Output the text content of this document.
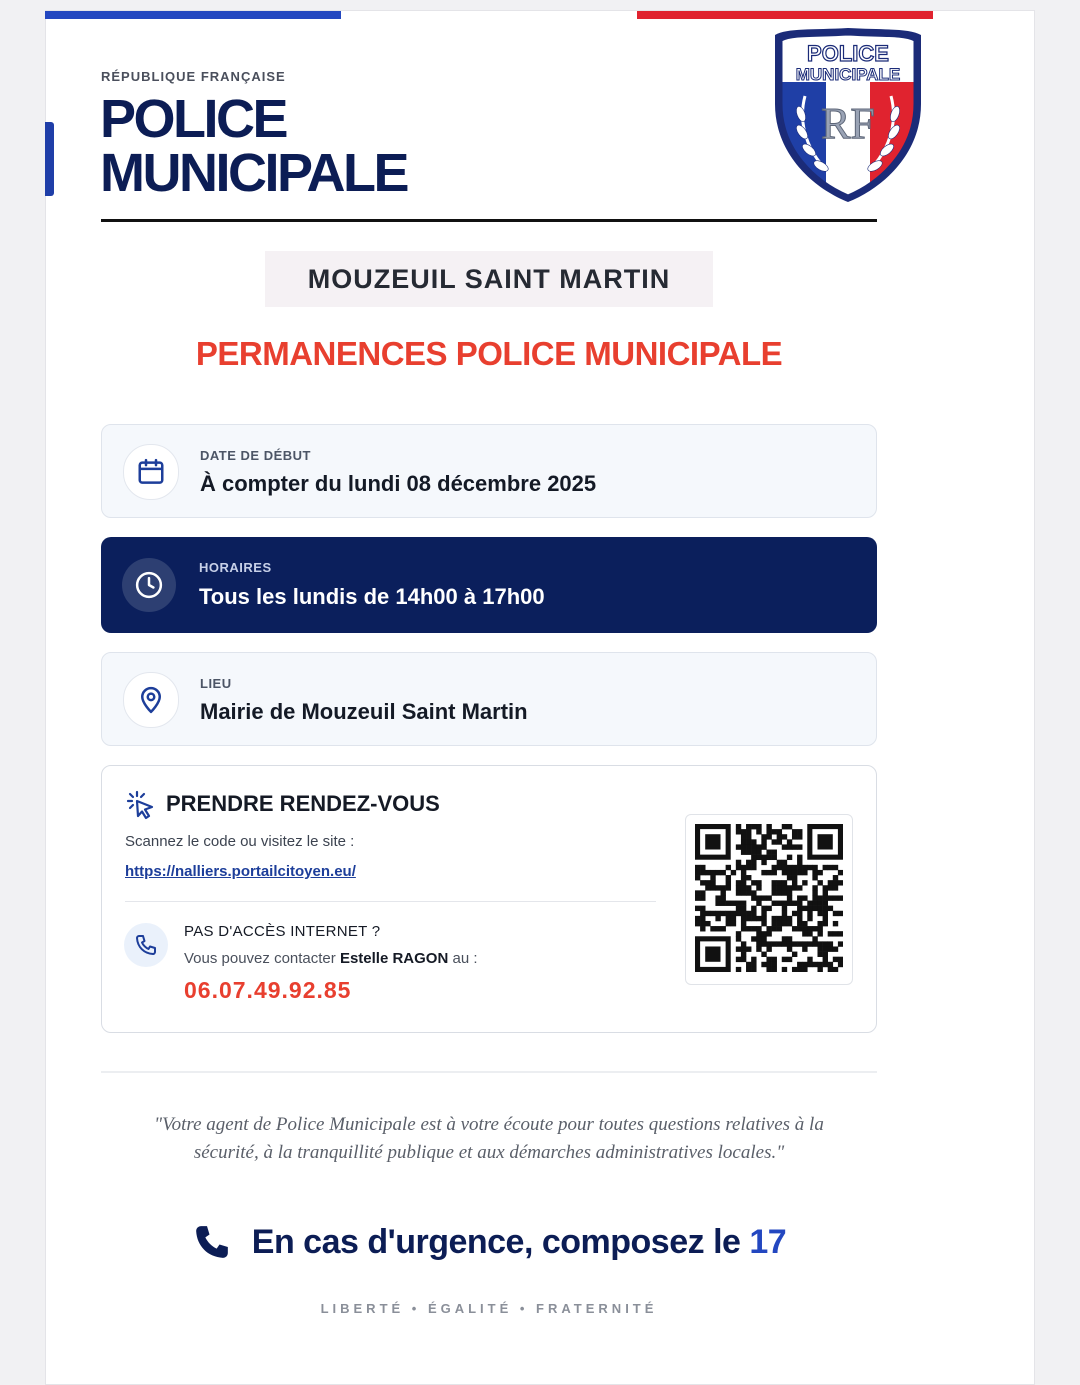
RÉPUBLIQUE FRANÇAISE
POLICE
MUNICIPALE
POLICE
MUNICIPALE
RF
MOUZEUIL SAINT MARTIN
PERMANENCES POLICE MUNICIPALE
DATE DE DÉBUT
À compter du lundi 08 décembre 2025
HORAIRES
Tous les lundis de 14h00 à 17h00
LIEU
Mairie de Mouzeuil Saint Martin
PRENDRE RENDEZ-VOUS
Scannez le code ou visitez le site :
https://nalliers.portailcitoyen.eu/
PAS D'ACCÈS INTERNET ?
Vous pouvez contacter Estelle RAGON au :
06.07.49.92.85
"Votre agent de Police Municipale est à votre écoute pour toutes questions relatives à la
sécurité, à la tranquillité publique et aux démarches administratives locales."
En cas d'urgence, composez le 17
LIBERTÉ • ÉGALITÉ • FRATERNITÉ
